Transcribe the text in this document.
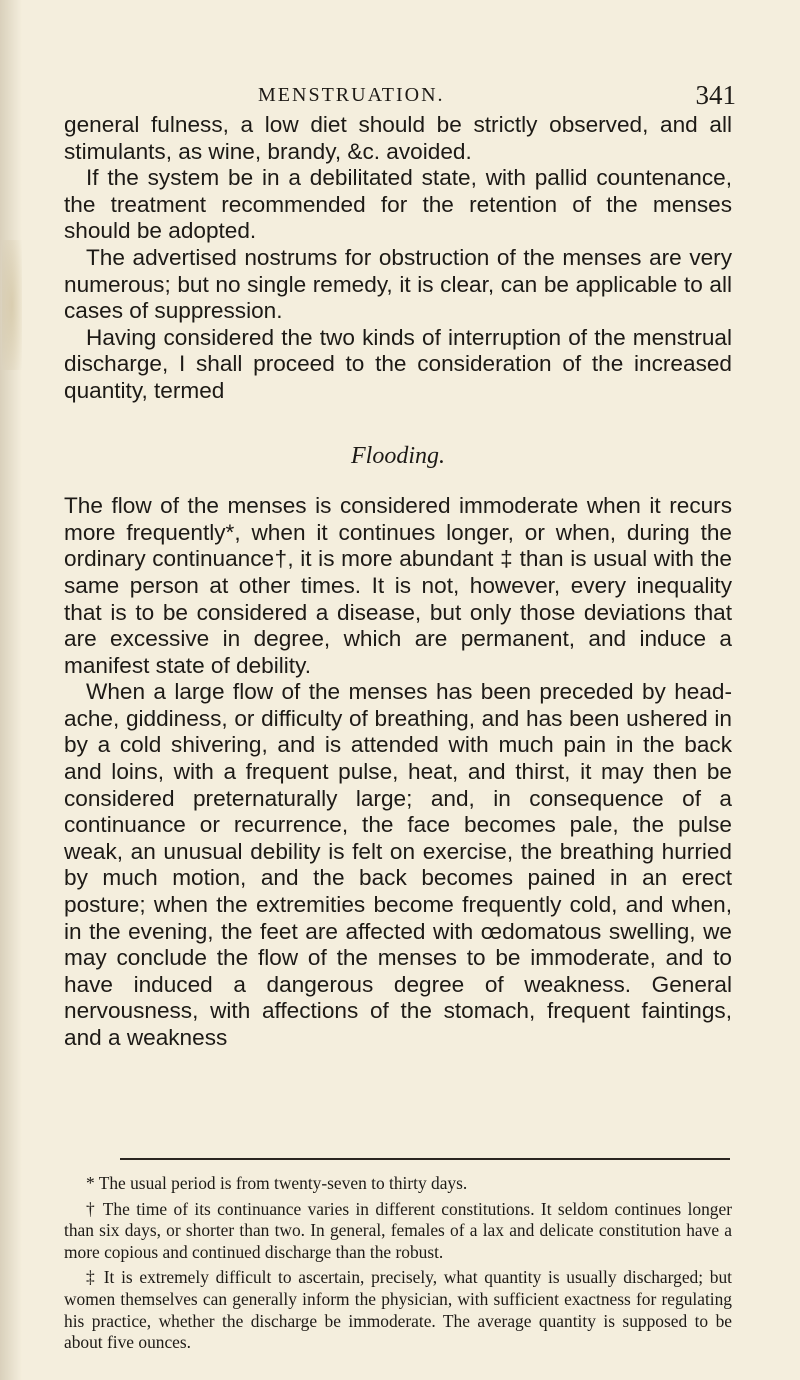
MENSTRUATION.	341

general fulness, a low diet should be strictly observed, and all stimulants, as wine, brandy, &c. avoided.

If the system be in a debilitated state, with pallid countenance, the treatment recommended for the retention of the menses should be adopted.

The advertised nostrums for obstruction of the menses are very numerous; but no single remedy, it is clear, can be applicable to all cases of suppression.

Having considered the two kinds of interruption of the menstrual discharge, I shall proceed to the consideration of the increased quantity, termed

Flooding.

The flow of the menses is considered immoderate when it recurs more frequently*, when it continues longer, or when, during the ordinary continuance†, it is more abundant ‡ than is usual with the same person at other times. It is not, however, every inequality that is to be considered a disease, but only those deviations that are excessive in degree, which are permanent, and induce a manifest state of debility.

When a large flow of the menses has been preceded by head-ache, giddiness, or difficulty of breathing, and has been ushered in by a cold shivering, and is attended with much pain in the back and loins, with a frequent pulse, heat, and thirst, it may then be considered preternaturally large; and, in consequence of a continuance or recurrence, the face becomes pale, the pulse weak, an unusual debility is felt on exercise, the breathing hurried by much motion, and the back becomes pained in an erect posture; when the extremities become frequently cold, and when, in the evening, the feet are affected with œdomatous swelling, we may conclude the flow of the menses to be immoderate, and to have induced a dangerous degree of weakness. General nervousness, with affections of the stomach, frequent faintings, and a weakness

* The usual period is from twenty-seven to thirty days.

† The time of its continuance varies in different constitutions. It seldom continues longer than six days, or shorter than two. In general, females of a lax and delicate constitution have a more copious and continued discharge than the robust.

‡ It is extremely difficult to ascertain, precisely, what quantity is usually discharged; but women themselves can generally inform the physician, with sufficient exactness for regulating his practice, whether the discharge be immoderate. The average quantity is supposed to be about five ounces.
